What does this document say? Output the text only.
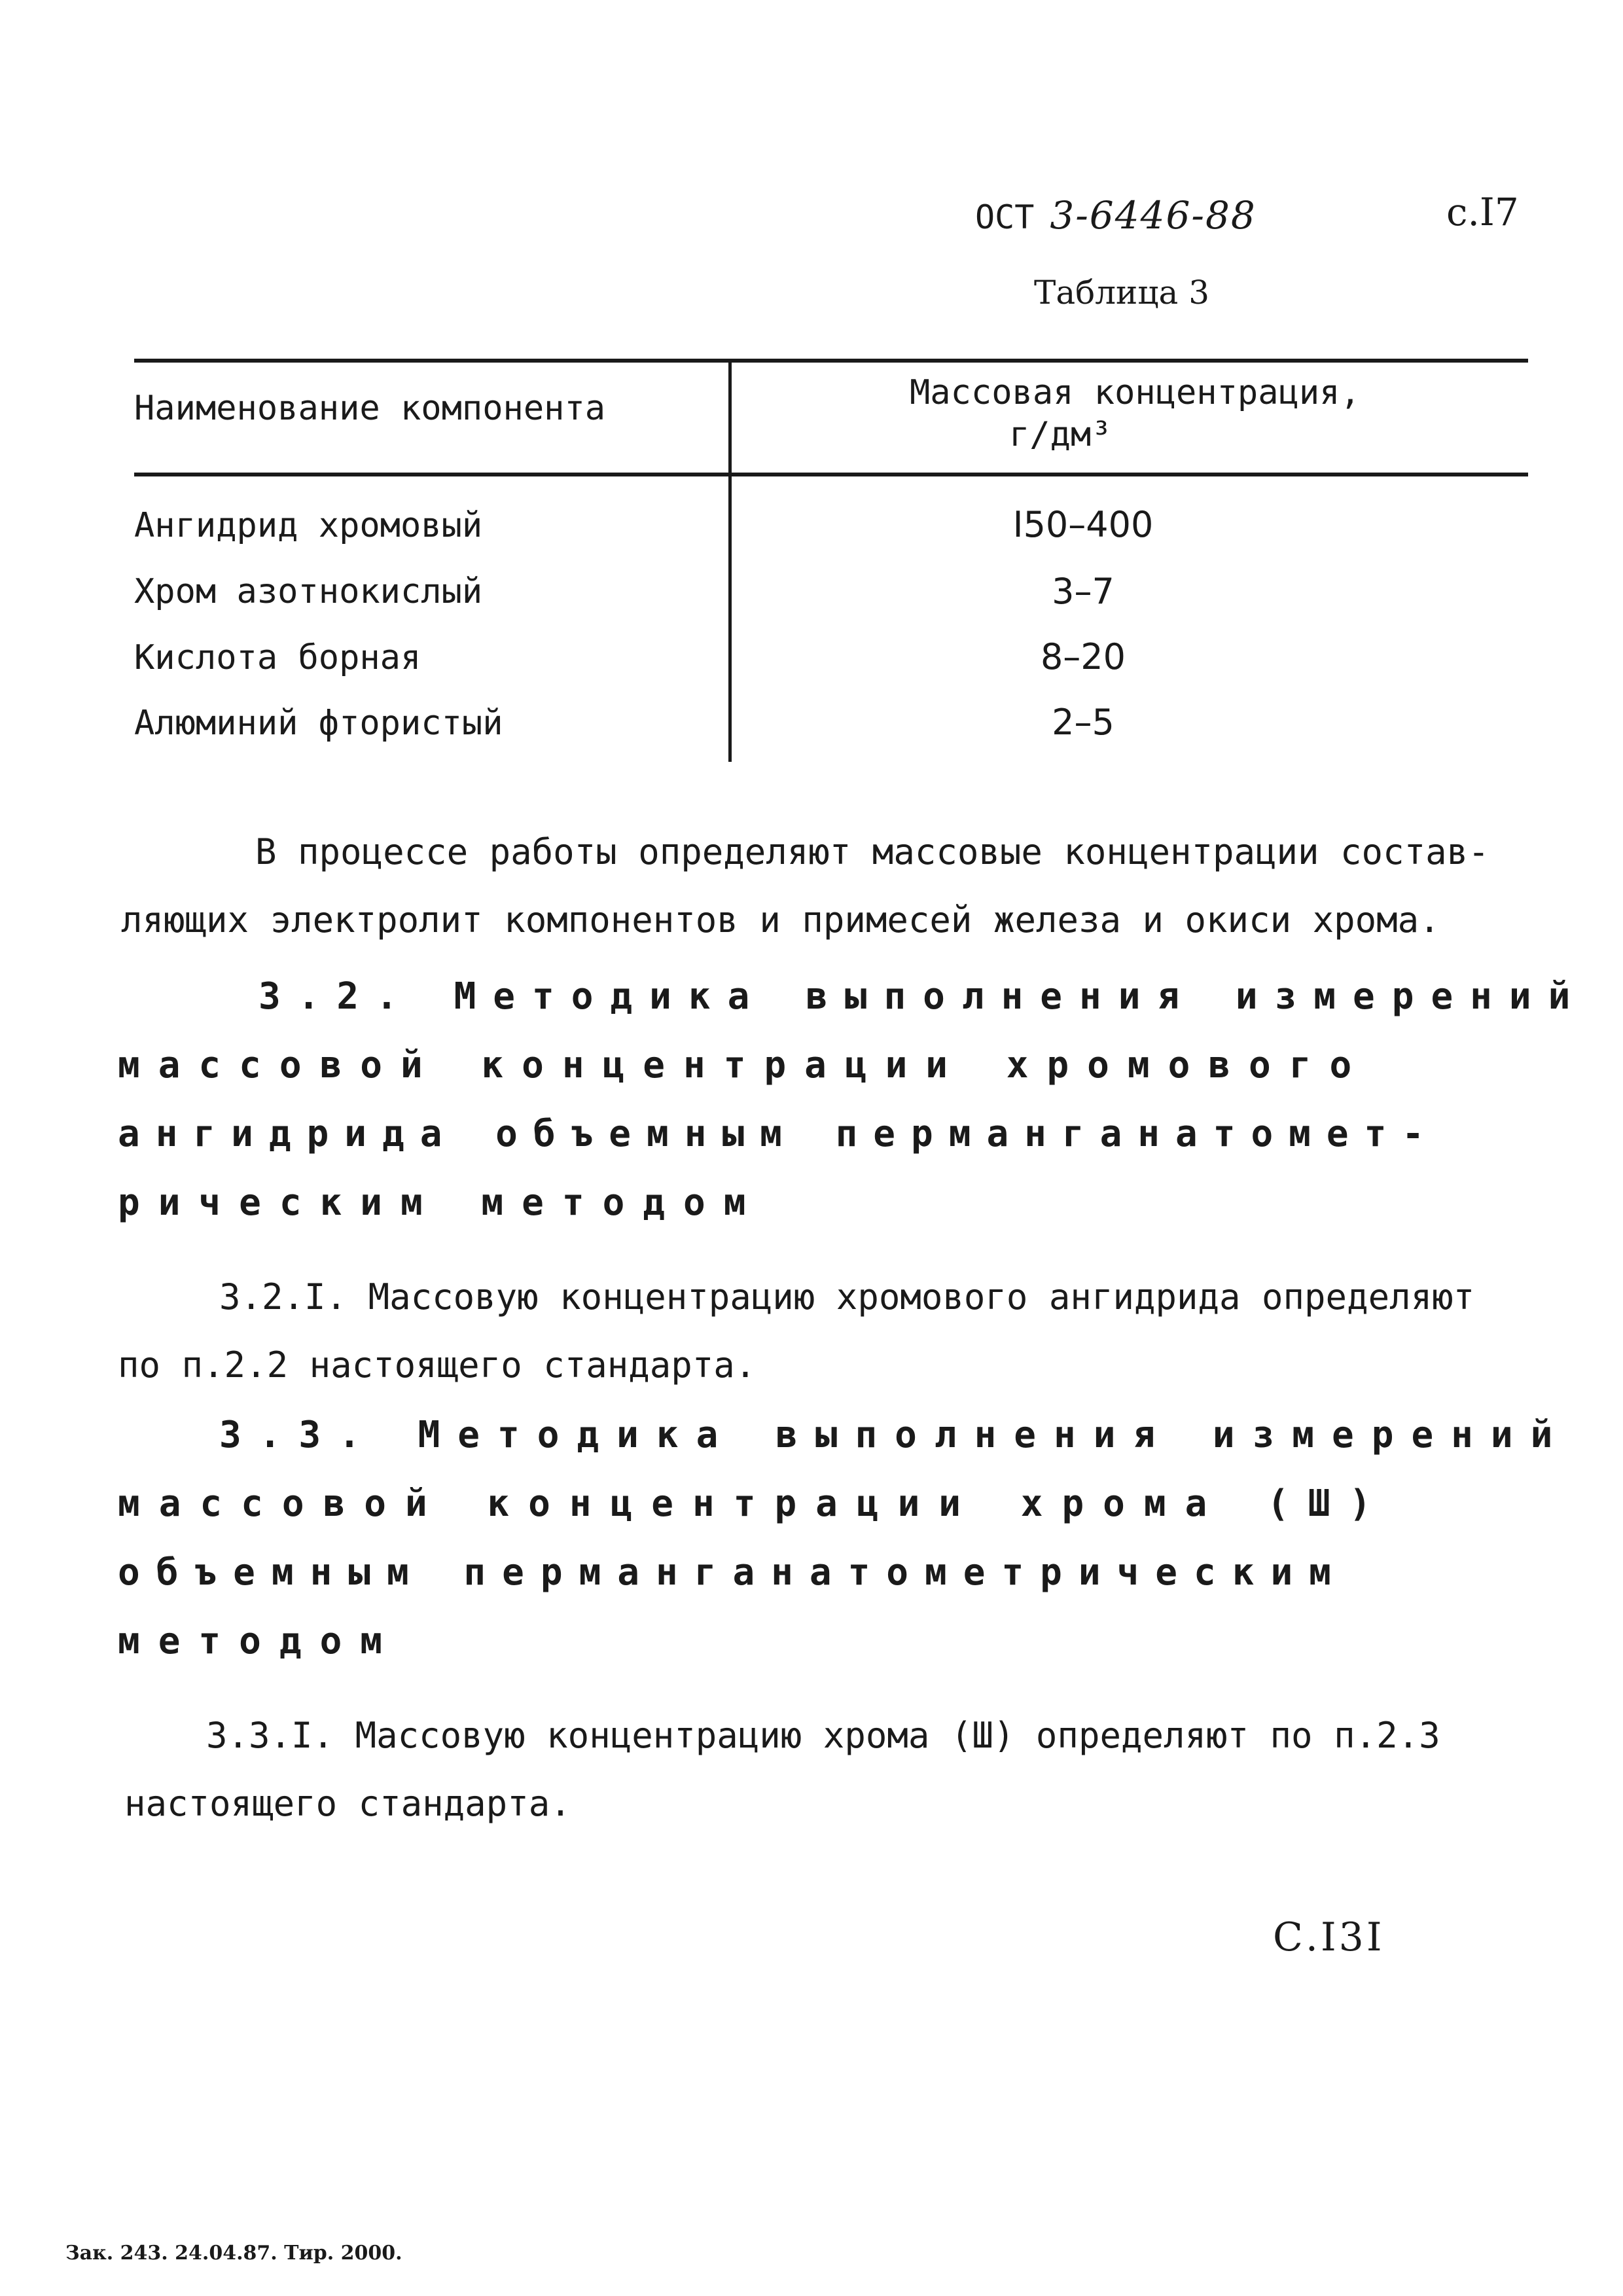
ОСТ 3-6446-88	с.I7
Таблица 3
Наименование компонента	Массовая концентрация,
г/дм³
Ангидрид хромовый	I50–400
Хром азотнокислый	3–7
Кислота борная	8–20
Алюминий фтористый	2–5
В процессе работы определяют массовые концентрации состав-
ляющих электролит компонентов и примесей железа и окиси хрома.
3.2. Методика выполнения измерений
массовой концентрации хромового
ангидрида объемным перманганатомет-
рическим методом
3.2.I. Массовую концентрацию хромового ангидрида определяют
по п.2.2 настоящего стандарта.
3.3. Методика выполнения измерений
массовой концентрации хрома (Ш)
объемным перманганатометрическим
методом
3.3.I. Массовую концентрацию хрома (Ш) определяют по п.2.3
настоящего стандарта.
С.I3I
Зак. 243. 24.04.87. Тир. 2000.
